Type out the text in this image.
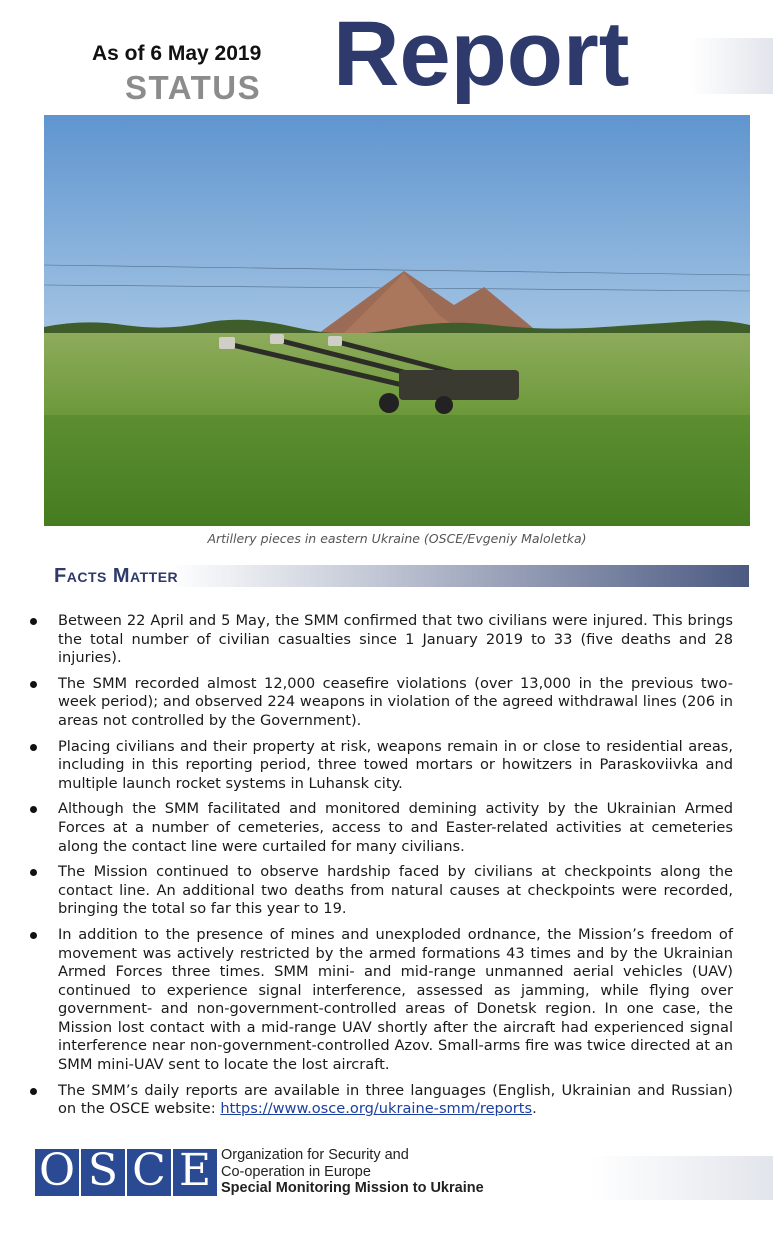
As of 6 May 2019
STATUS Report
Artillery pieces in eastern Ukraine (OSCE/Evgeniy Maloletka)
Facts Matter
Between 22 April and 5 May, the SMM confirmed that two civilians were injured. This brings the total number of civilian casualties since 1 January 2019 to 33 (five deaths and 28 injuries).
The SMM recorded almost 12,000 ceasefire violations (over 13,000 in the previous two-week period); and observed 224 weapons in violation of the agreed withdrawal lines (206 in areas not controlled by the Government).
Placing civilians and their property at risk, weapons remain in or close to residential areas, including in this reporting period, three towed mortars or howitzers in Paraskoviivka and multiple launch rocket systems in Luhansk city.
Although the SMM facilitated and monitored demining activity by the Ukrainian Armed Forces at a number of cemeteries, access to and Easter-related activities at cemeteries along the contact line were curtailed for many civilians.
The Mission continued to observe hardship faced by civilians at checkpoints along the contact line. An additional two deaths from natural causes at checkpoints were recorded, bringing the total so far this year to 19.
In addition to the presence of mines and unexploded ordnance, the Mission’s freedom of movement was actively restricted by the armed formations 43 times and by the Ukrainian Armed Forces three times. SMM mini- and mid-range unmanned aerial vehicles (UAV) continued to experience signal interference, assessed as jamming, while flying over government- and non-government-controlled areas of Donetsk region. In one case, the Mission lost contact with a mid-range UAV shortly after the aircraft had experienced signal interference near non-government-controlled Azov. Small-arms fire was twice directed at an SMM mini-UAV sent to locate the lost aircraft.
The SMM’s daily reports are available in three languages (English, Ukrainian and Russian) on the OSCE website: https://www.osce.org/ukraine-smm/reports.
O S C E Organization for Security and
Co-operation in Europe
Special Monitoring Mission to Ukraine
